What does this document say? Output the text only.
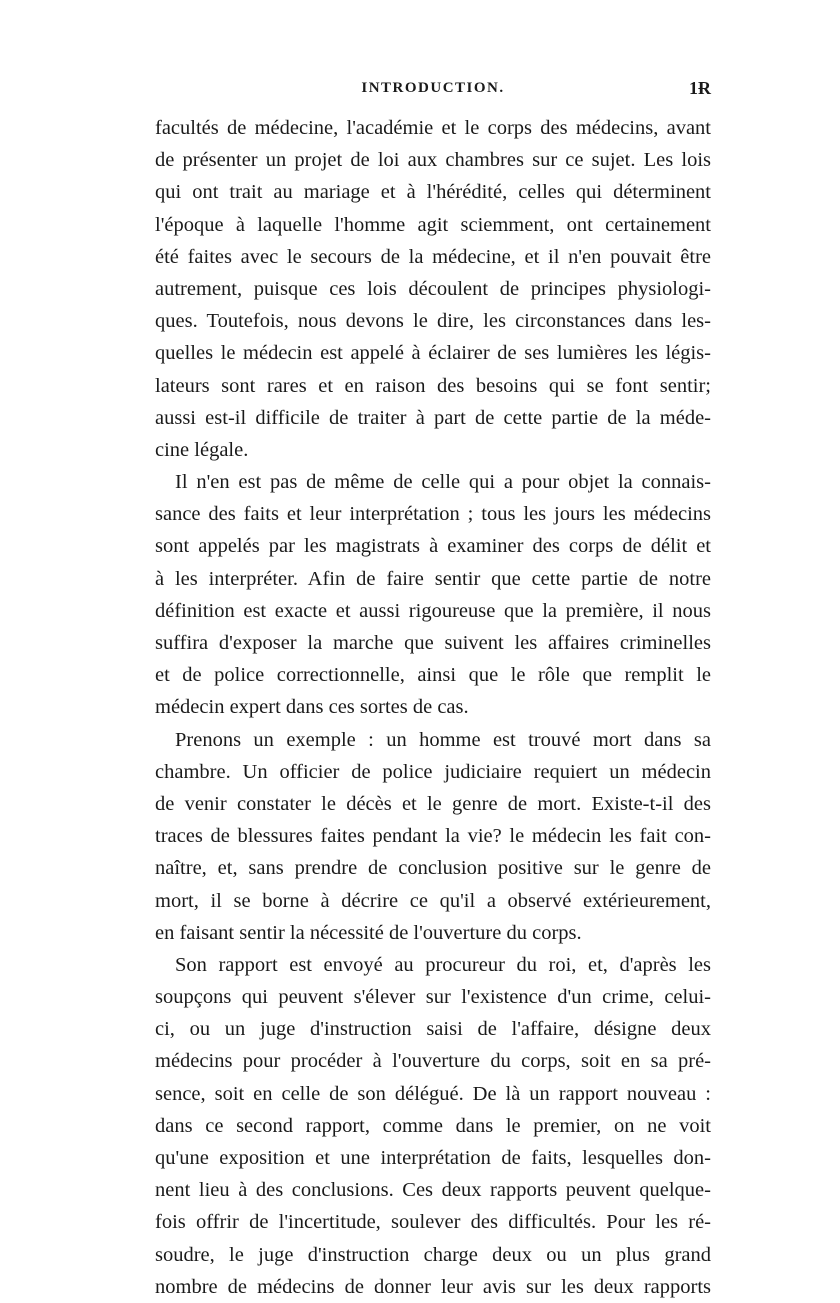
INTRODUCTION.	1Ɍ
facultés de médecine, l'académie et le corps des médecins, avant
de présenter un projet de loi aux chambres sur ce sujet. Les lois
qui ont trait au mariage et à l'hérédité, celles qui déterminent
l'époque à laquelle l'homme agit sciemment, ont certainement
été faites avec le secours de la médecine, et il n'en pouvait être
autrement, puisque ces lois découlent de principes physiologi-
ques. Toutefois, nous devons le dire, les circonstances dans les-
quelles le médecin est appelé à éclairer de ses lumières les légis-
lateurs sont rares et en raison des besoins qui se font sentir;
aussi est-il difficile de traiter à part de cette partie de la méde-
cine légale.
Il n'en est pas de même de celle qui a pour objet la connais-
sance des faits et leur interprétation ; tous les jours les médecins
sont appelés par les magistrats à examiner des corps de délit et
à les interpréter. Afin de faire sentir que cette partie de notre
définition est exacte et aussi rigoureuse que la première, il nous
suffira d'exposer la marche que suivent les affaires criminelles
et de police correctionnelle, ainsi que le rôle que remplit le
médecin expert dans ces sortes de cas.
Prenons un exemple : un homme est trouvé mort dans sa
chambre. Un officier de police judiciaire requiert un médecin
de venir constater le décès et le genre de mort. Existe-t-il des
traces de blessures faites pendant la vie? le médecin les fait con-
naître, et, sans prendre de conclusion positive sur le genre de
mort, il se borne à décrire ce qu'il a observé extérieurement,
en faisant sentir la nécessité de l'ouverture du corps.
Son rapport est envoyé au procureur du roi, et, d'après les
soupçons qui peuvent s'élever sur l'existence d'un crime, celui-
ci, ou un juge d'instruction saisi de l'affaire, désigne deux
médecins pour procéder à l'ouverture du corps, soit en sa pré-
sence, soit en celle de son délégué. De là un rapport nouveau :
dans ce second rapport, comme dans le premier, on ne voit
qu'une exposition et une interprétation de faits, lesquelles don-
nent lieu à des conclusions. Ces deux rapports peuvent quelque-
fois offrir de l'incertitude, soulever des difficultés. Pour les ré-
soudre, le juge d'instruction charge deux ou un plus grand
nombre de médecins de donner leur avis sur les deux rapports
